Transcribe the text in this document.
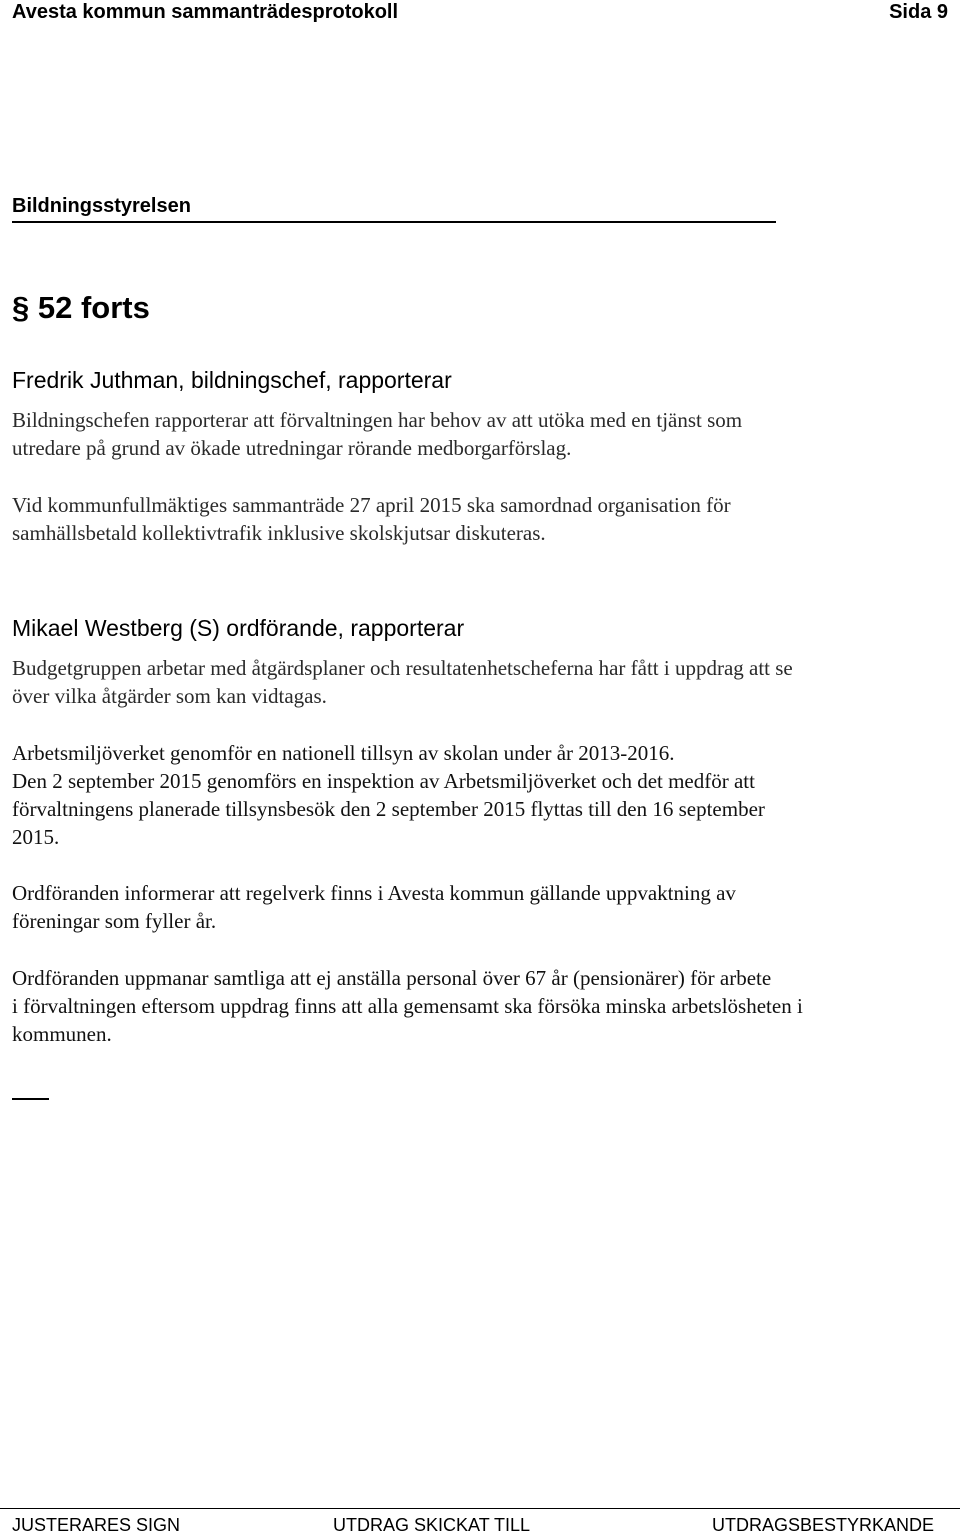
Avesta kommun sammanträdesprotokoll	Sida 9
Bildningsstyrelsen
§ 52 forts
Fredrik Juthman, bildningschef, rapporterar
Bildningschefen rapporterar att förvaltningen har behov av att utöka med en tjänst som
utredare på grund av ökade utredningar rörande medborgarförslag.
Vid kommunfullmäktiges sammanträde 27 april 2015 ska samordnad organisation för
samhällsbetald kollektivtrafik inklusive skolskjutsar diskuteras.
Mikael Westberg (S) ordförande, rapporterar
Budgetgruppen arbetar med åtgärdsplaner och resultatenhetscheferna har fått i uppdrag att se
över vilka åtgärder som kan vidtagas.
Arbetsmiljöverket genomför en nationell tillsyn av skolan under år 2013-2016.
Den 2 september 2015 genomförs en inspektion av Arbetsmiljöverket och det medför att
förvaltningens planerade tillsynsbesök den 2 september 2015 flyttas till den 16 september
2015.
Ordföranden informerar att regelverk finns i Avesta kommun gällande uppvaktning av
föreningar som fyller år.
Ordföranden uppmanar samtliga att ej anställa personal över 67 år (pensionärer) för arbete
i förvaltningen eftersom uppdrag finns att alla gemensamt ska försöka minska arbetslösheten i
kommunen.
JUSTERARES SIGN	UTDRAG SKICKAT TILL	UTDRAGSBESTYRKANDE
